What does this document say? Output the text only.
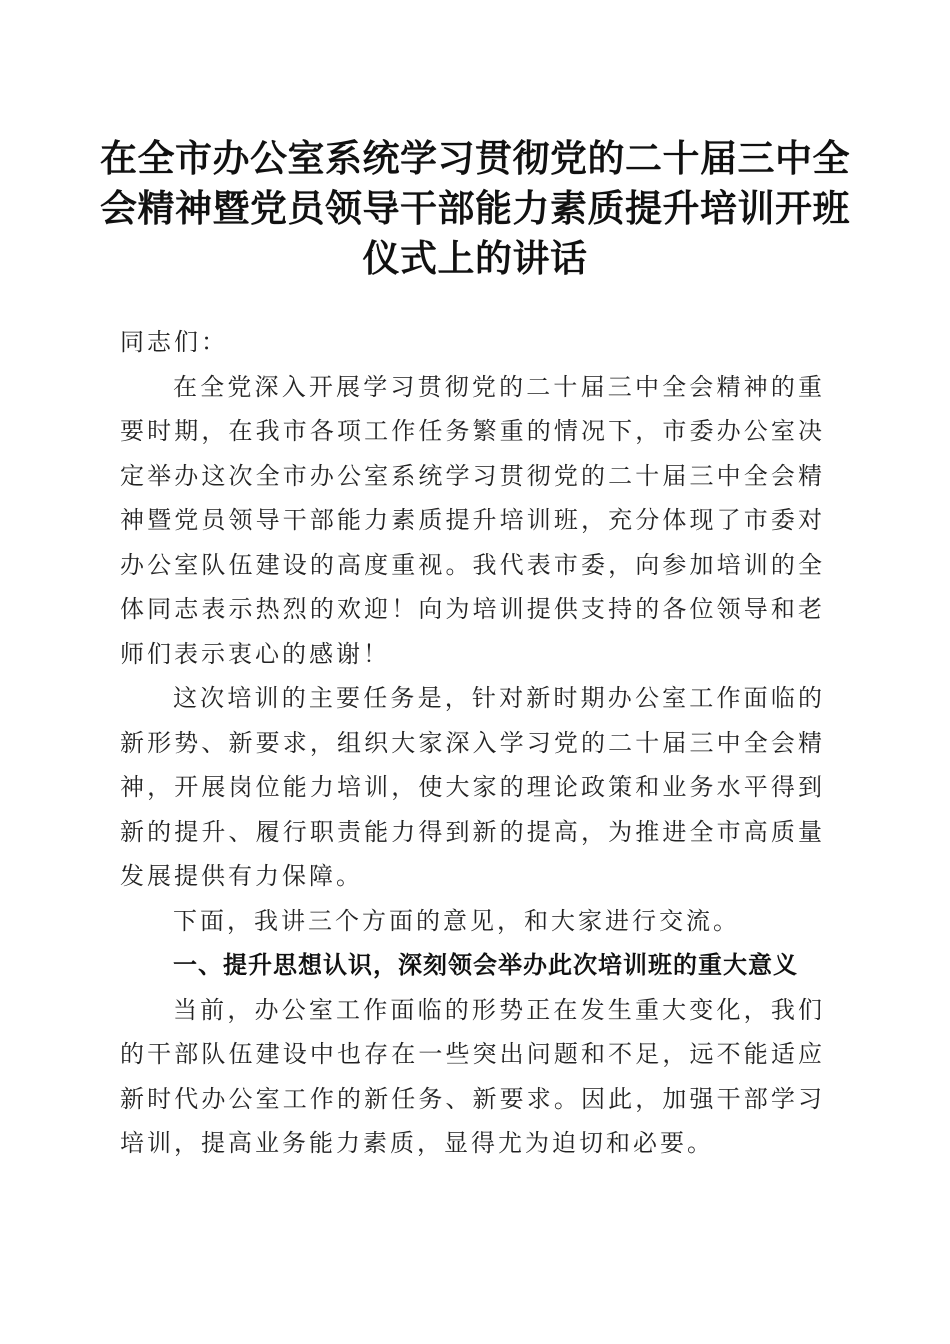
在全市办公室系统学习贯彻党的二十届三中全
会精神暨党员领导干部能力素质提升培训开班
仪式上的讲话

同志们：

在全党深入开展学习贯彻党的二十届三中全会精神的重要时期，在我市各项工作任务繁重的情况下，市委办公室决定举办这次全市办公室系统学习贯彻党的二十届三中全会精神暨党员领导干部能力素质提升培训班，充分体现了市委对办公室队伍建设的高度重视。我代表市委，向参加培训的全体同志表示热烈的欢迎！向为培训提供支持的各位领导和老师们表示衷心的感谢！

这次培训的主要任务是，针对新时期办公室工作面临的新形势、新要求，组织大家深入学习党的二十届三中全会精神，开展岗位能力培训，使大家的理论政策和业务水平得到新的提升、履行职责能力得到新的提高，为推进全市高质量发展提供有力保障。

下面，我讲三个方面的意见，和大家进行交流。

一、提升思想认识，深刻领会举办此次培训班的重大意义

当前，办公室工作面临的形势正在发生重大变化，我们的干部队伍建设中也存在一些突出问题和不足，远不能适应新时代办公室工作的新任务、新要求。因此，加强干部学习培训，提高业务能力素质，显得尤为迫切和必要。
